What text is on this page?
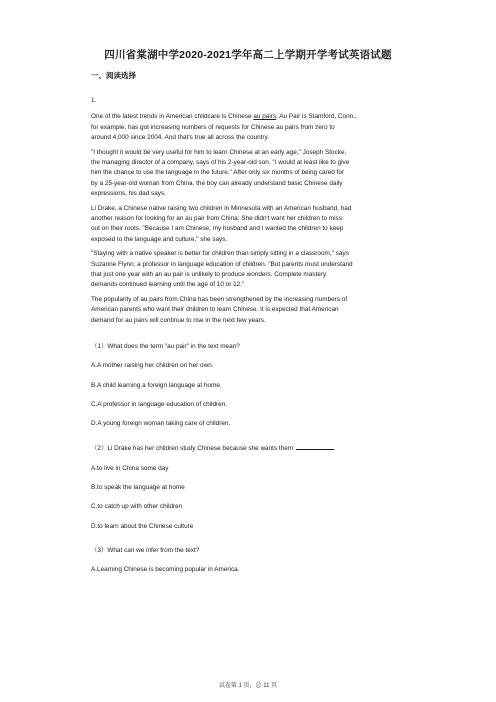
四川省棠湖中学2020-2021学年高二上学期开学考试英语试题
一、阅读选择
1.
One of the latest trends in American childcare is Chinese au pairs. Au Pair is Stamford, Conn.,
for example, has got increasing numbers of requests for Chinese au pairs from zero to
around 4,000 since 2004. And that's true all across the country.
"I thought it would be very useful for him to learn Chinese at an early age," Joseph Stocke,
the managing director of a company, says of his 2-year-old son. "I would at least like to give
him the chance to use the language in the future." After only six months of being cared for
by a 25-year-old woman from China, the boy can already understand basic Chinese daily
expressions, his dad says.
Li Drake, a Chinese native raising two children in Minnesota with an American husband, had
another reason for looking for an au pair from China: She didn't want her children to miss
out on their roots. "Because I am Chinese, my husband and I wanted the children to keep
exposed to the language and culture," she says.
"Staying with a native speaker is better for children than simply sitting in a classroom," says
Suzanne Flynn, a professor in language education of children. "But parents must understand
that just one year with an au pair is unlikely to produce wonders. Complete mastery
demands continued learning until the age of 10 or 12."
The popularity of au pairs from China has been strengthened by the increasing numbers of
American parents who want their children to learn Chinese. It is expected that American
demand for au pairs will continue to rise in the next few years.
（1）What does the term "au pair" in the text mean?
A.A mother raising her children on her own.
B.A child learning a foreign language at home.
C.A professor in language education of children.
D.A young foreign woman taking care of children.
（2）Li Drake has her children study Chinese because she wants them	.
A.to live in China some day
B.to speak the language at home
C.to catch up with other children
D.to learn about the Chinese culture
（3）What can we infer from the text?
A.Learning Chinese is becoming popular in America.
试卷第 1 页，总 11 页
